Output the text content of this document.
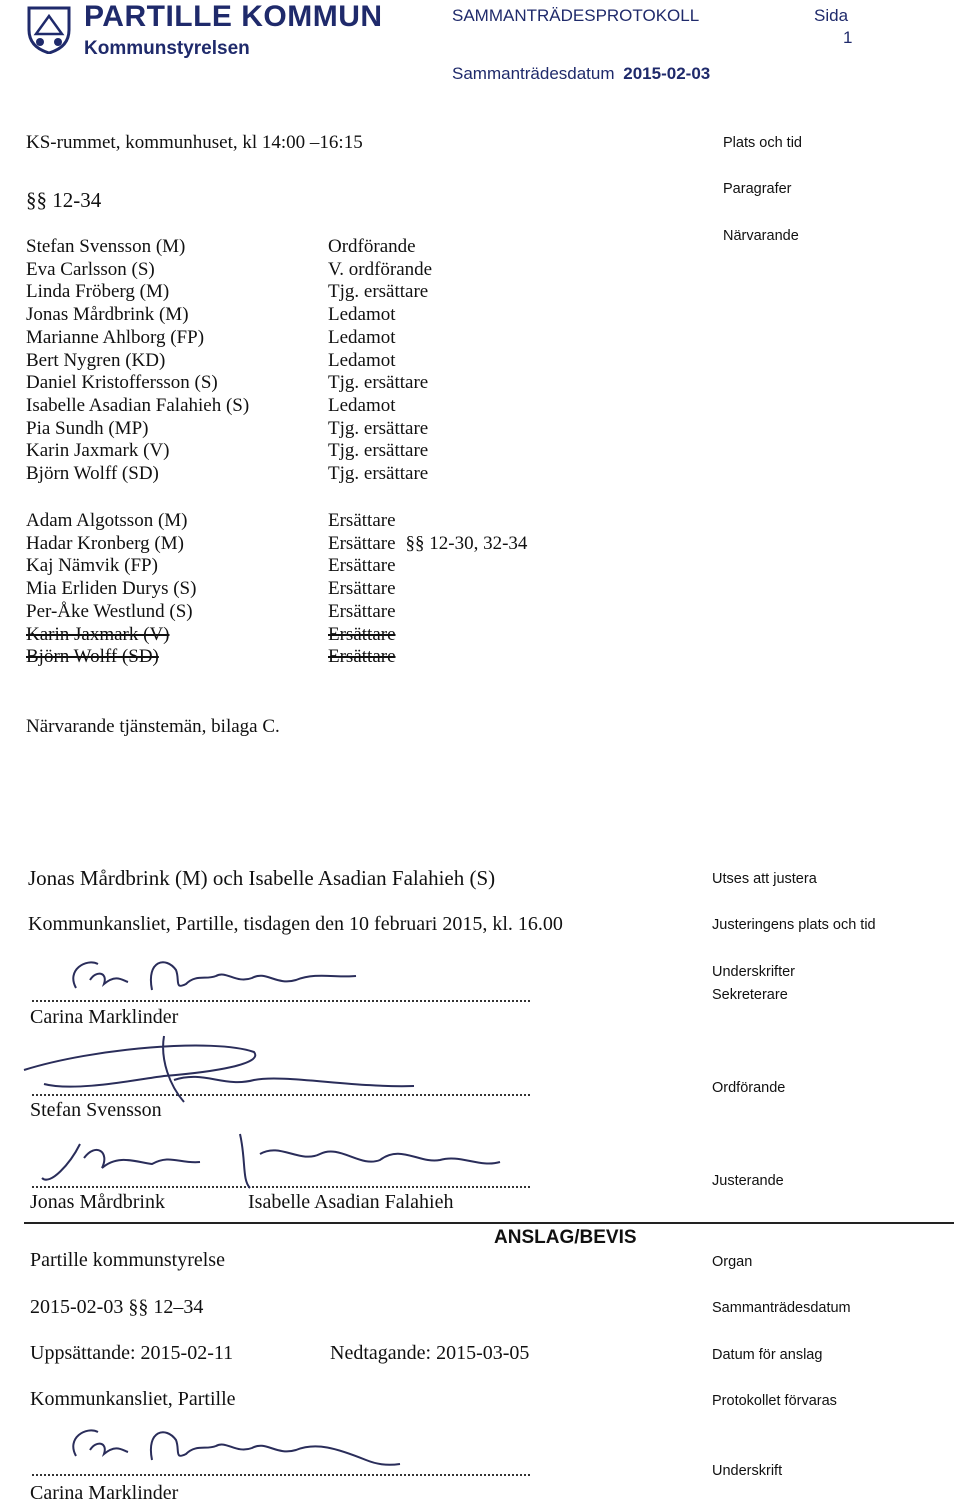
PARTILLE KOMMUN
Kommunstyrelsen
SAMMANTRÄDESPROTOKOLL	Sida
1
Sammanträdesdatum 2015-02-03
KS-rummet, kommunhuset, kl 14:00 –16:15	Plats och tid
§§ 12-34	Paragrafer
Närvarande
Stefan Svensson (M)	Ordförande
Eva Carlsson (S)	V. ordförande
Linda Fröberg (M)	Tjg. ersättare
Jonas Mårdbrink (M)	Ledamot
Marianne Ahlborg (FP)	Ledamot
Bert Nygren (KD)	Ledamot
Daniel Kristoffersson (S)	Tjg. ersättare
Isabelle Asadian Falahieh (S)	Ledamot
Pia Sundh (MP)	Tjg. ersättare
Karin Jaxmark (V)	Tjg. ersättare
Björn Wolff (SD)	Tjg. ersättare
Adam Algotsson (M)	Ersättare
Hadar Kronberg (M)	Ersättare §§ 12-30, 32-34
Kaj Nämvik (FP)	Ersättare
Mia Erliden Durys (S)	Ersättare
Per-Åke Westlund (S)	Ersättare
Karin Jaxmark (V)	Ersättare
Björn Wolff (SD)	Ersättare
Närvarande tjänstemän, bilaga C.
Jonas Mårdbrink (M) och Isabelle Asadian Falahieh (S)	Utses att justera
Kommunkansliet, Partille, tisdagen den 10 februari 2015, kl. 16.00	Justeringens plats och tid
Underskrifter
Sekreterare
Carina Marklinder
Ordförande
Stefan Svensson
Justerande
Jonas Mårdbrink	Isabelle Asadian Falahieh
ANSLAG/BEVIS
Partille kommunstyrelse	Organ
2015-02-03 §§ 12–34	Sammanträdesdatum
Uppsättande: 2015-02-11	Nedtagande: 2015-03-05	Datum för anslag
Kommunkansliet, Partille	Protokollet förvaras
Underskrift
Carina Marklinder
